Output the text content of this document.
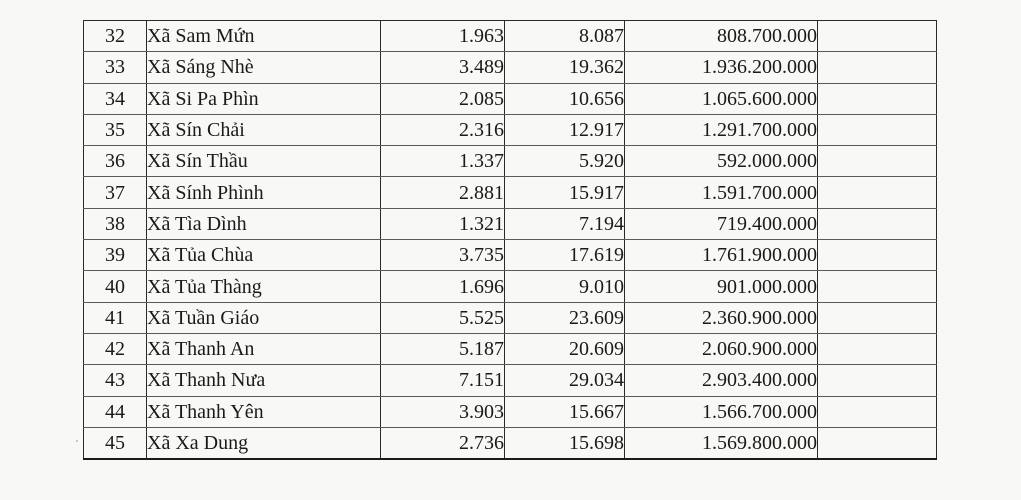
32	Xã Sam Mứn	1.963	8.087	808.700.000	
33	Xã Sáng Nhè	3.489	19.362	1.936.200.000	
34	Xã Si Pa Phìn	2.085	10.656	1.065.600.000	
35	Xã Sín Chải	2.316	12.917	1.291.700.000	
36	Xã Sín Thầu	1.337	5.920	592.000.000	
37	Xã Sính Phình	2.881	15.917	1.591.700.000	
38	Xã Tìa Dình	1.321	7.194	719.400.000	
39	Xã Tủa Chùa	3.735	17.619	1.761.900.000	
40	Xã Tủa Thàng	1.696	9.010	901.000.000	
41	Xã Tuần Giáo	5.525	23.609	2.360.900.000	
42	Xã Thanh An	5.187	20.609	2.060.900.000	
43	Xã Thanh Nưa	7.151	29.034	2.903.400.000	
44	Xã Thanh Yên	3.903	15.667	1.566.700.000	
45	Xã Xa Dung	2.736	15.698	1.569.800.000	
